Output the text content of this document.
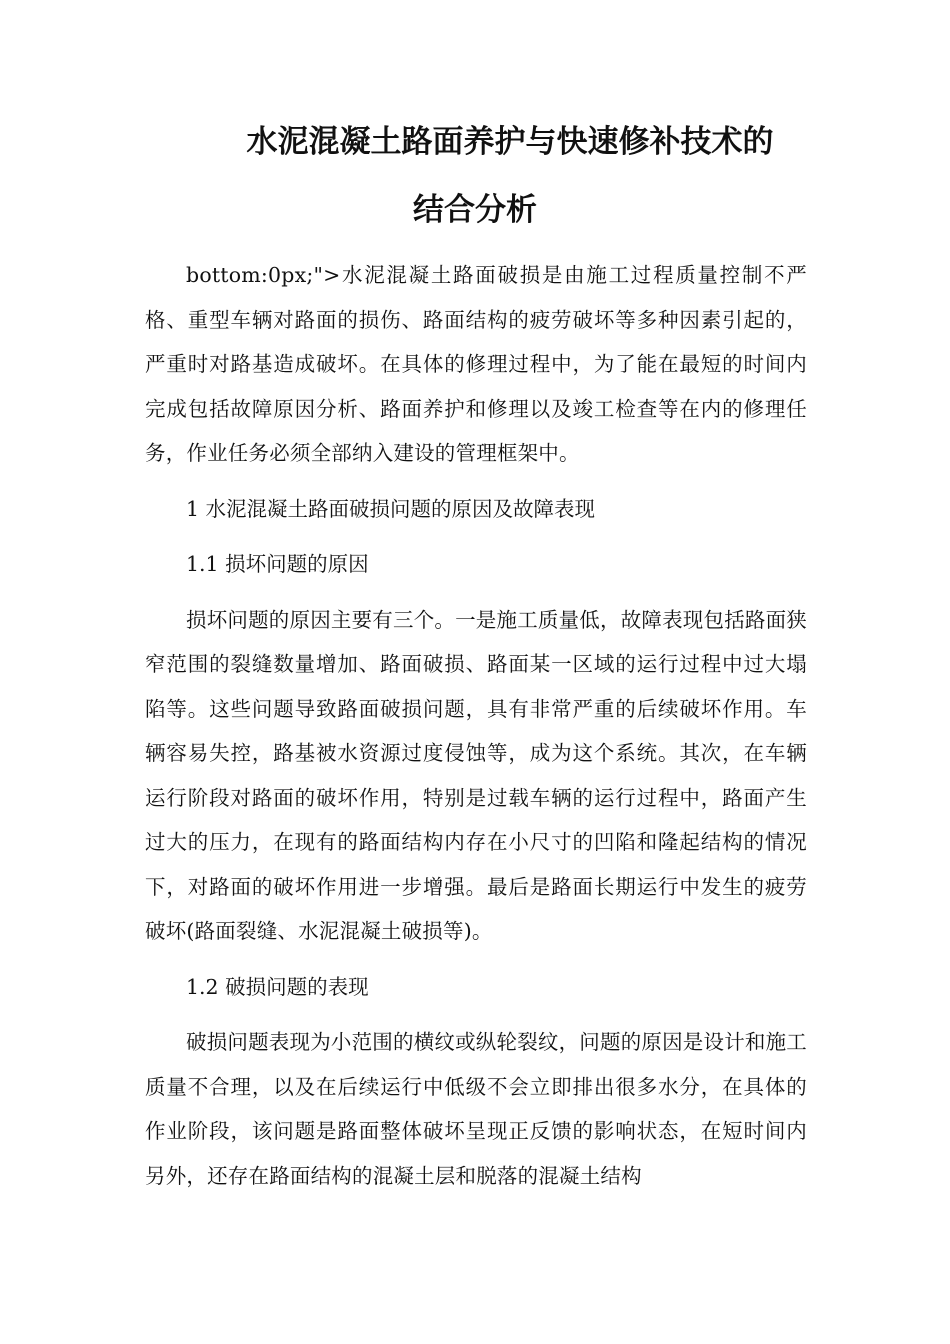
水泥混凝土路面养护与快速修补技术的
结合分析

bottom:0px;">水泥混凝土路面破损是由施工过程质量控制不严格、重型车辆对路面的损伤、路面结构的疲劳破坏等多种因素引起的，严重时对路基造成破坏。在具体的修理过程中，为了能在最短的时间内完成包括故障原因分析、路面养护和修理以及竣工检查等在内的修理任务，作业任务必须全部纳入建设的管理框架中。

1 水泥混凝土路面破损问题的原因及故障表现

1.1 损坏问题的原因

损坏问题的原因主要有三个。一是施工质量低，故障表现包括路面狭窄范围的裂缝数量增加、路面破损、路面某一区域的运行过程中过大塌陷等。这些问题导致路面破损问题，具有非常严重的后续破坏作用。车辆容易失控，路基被水资源过度侵蚀等，成为这个系统。其次，在车辆运行阶段对路面的破坏作用，特别是过载车辆的运行过程中，路面产生过大的压力，在现有的路面结构内存在小尺寸的凹陷和隆起结构的情况下，对路面的破坏作用进一步增强。最后是路面长期运行中发生的疲劳破坏(路面裂缝、水泥混凝土破损等)。

1.2 破损问题的表现

破损问题表现为小范围的横纹或纵轮裂纹，问题的原因是设计和施工质量不合理，以及在后续运行中低级不会立即排出很多水分，在具体的作业阶段，该问题是路面整体破坏呈现正反馈的影响状态，在短时间内另外，还存在路面结构的混凝土层和脱落的混凝土结构
